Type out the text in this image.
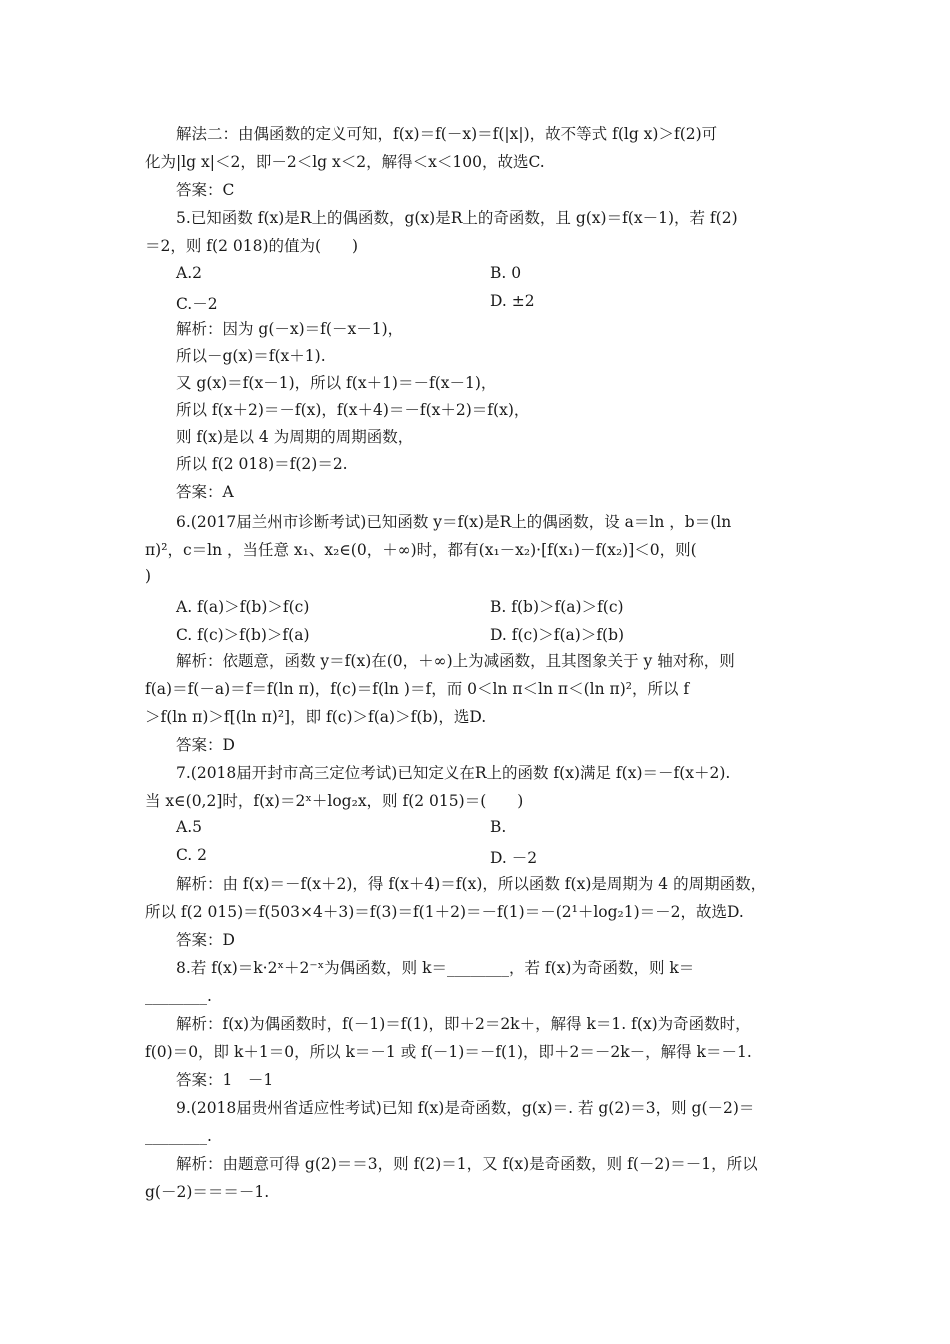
解法二：由偶函数的定义可知，f(x)＝f(－x)＝f(|x|)，故不等式 f(lg x)＞f(2)可
化为|lg x|＜2，即－2＜lg x＜2，解得＜x＜100，故选C.
答案：C
5.已知函数 f(x)是R上的偶函数，g(x)是R上的奇函数，且 g(x)＝f(x－1)，若 f(2)
＝2，则 f(2 018)的值为(　　)
A.2	B. 0
C.－2	D. ±2
解析：因为 g(－x)＝f(－x－1)，
所以－g(x)＝f(x＋1).
又 g(x)＝f(x－1)，所以 f(x＋1)＝－f(x－1)，
所以 f(x＋2)＝－f(x)，f(x＋4)＝－f(x＋2)＝f(x)，
则 f(x)是以 4 为周期的周期函数，
所以 f(2 018)＝f(2)＝2.
答案：A
6.(2017届兰州市诊断考试)已知函数 y＝f(x)是R上的偶函数，设 a＝ln ，b＝(ln
π)²，c＝ln ，当任意 x₁、x₂∈(0，＋∞)时，都有(x₁－x₂)·[f(x₁)－f(x₂)]＜0，则(
)
A. f(a)＞f(b)＞f(c)	B. f(b)＞f(a)＞f(c)
C. f(c)＞f(b)＞f(a)	D. f(c)＞f(a)＞f(b)
解析：依题意，函数 y＝f(x)在(0，＋∞)上为减函数，且其图象关于 y 轴对称，则
f(a)＝f(－a)＝f＝f(ln π)，f(c)＝f(ln )＝f，而 0＜ln π＜ln π＜(ln π)²，所以 f
＞f(ln π)＞f[(ln π)²]，即 f(c)＞f(a)＞f(b)，选D.
答案：D
7.(2018届开封市高三定位考试)已知定义在R上的函数 f(x)满足 f(x)＝－f(x＋2).
当 x∈(0,2]时，f(x)＝2ˣ＋log₂x，则 f(2 015)＝(　　)
A.5	B.
C. 2	D. －2
解析：由 f(x)＝－f(x＋2)，得 f(x＋4)＝f(x)，所以函数 f(x)是周期为 4 的周期函数，
所以 f(2 015)＝f(503×4＋3)＝f(3)＝f(1＋2)＝－f(1)＝－(2¹＋log₂1)＝－2，故选D.
答案：D
8.若 f(x)＝k·2ˣ＋2⁻ˣ为偶函数，则 k＝________，若 f(x)为奇函数，则 k＝
________.
解析：f(x)为偶函数时，f(－1)＝f(1)，即＋2＝2k＋，解得 k＝1. f(x)为奇函数时，
f(0)＝0，即 k＋1＝0，所以 k＝－1 或 f(－1)＝－f(1)，即＋2＝－2k－，解得 k＝－1.
答案：1　－1
9.(2018届贵州省适应性考试)已知 f(x)是奇函数，g(x)＝. 若 g(2)＝3，则 g(－2)＝
________.
解析：由题意可得 g(2)＝＝3，则 f(2)＝1，又 f(x)是奇函数，则 f(－2)＝－1，所以
g(－2)＝＝＝－1.
